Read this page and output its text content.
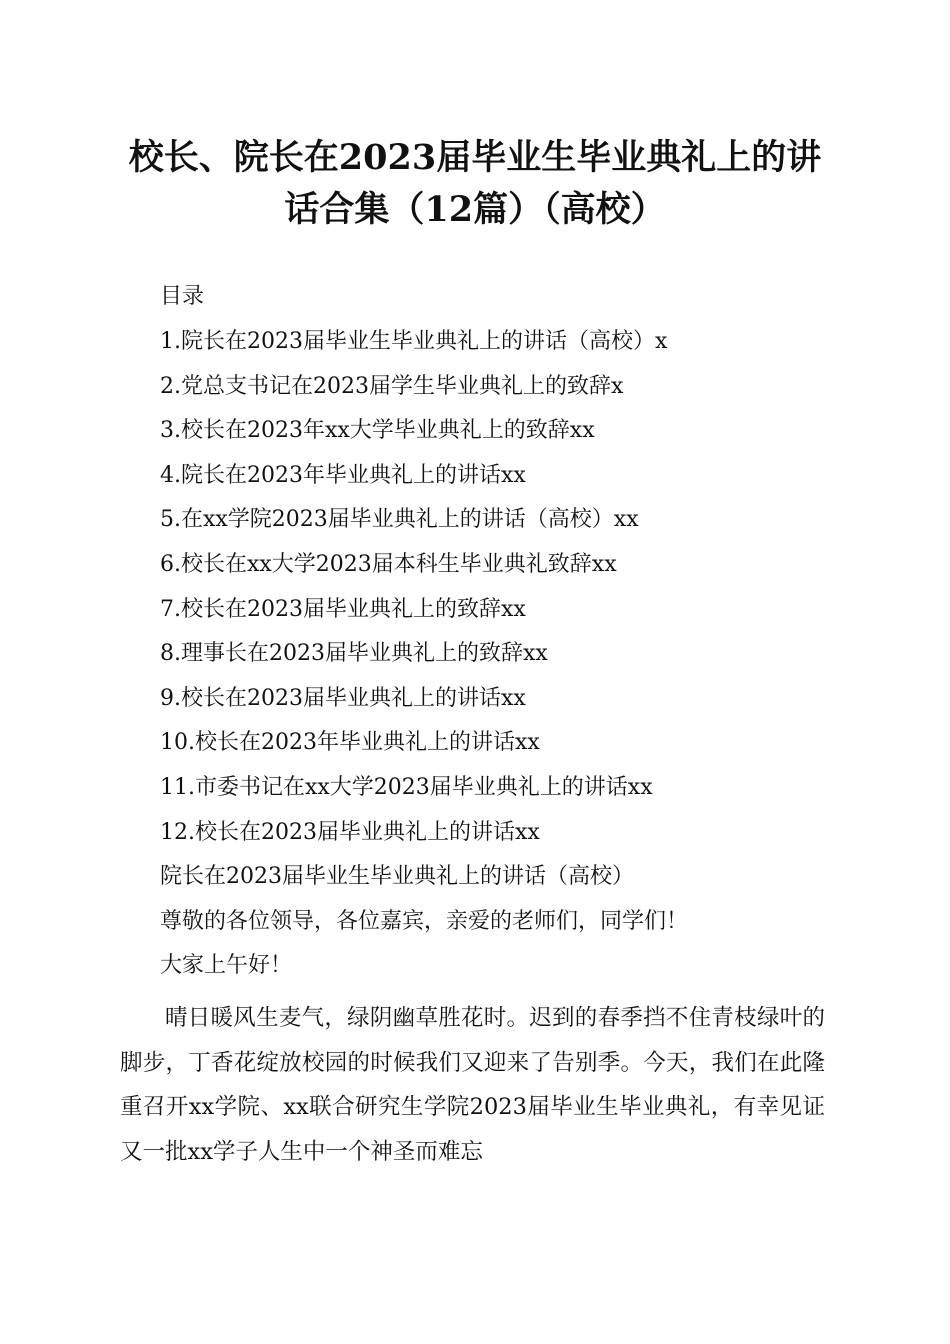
校长、院长在2023届毕业生毕业典礼上的讲
话合集（12篇）（高校）

目录

1.院长在2023届毕业生毕业典礼上的讲话（高校）x
2.党总支书记在2023届学生毕业典礼上的致辞x
3.校长在2023年xx大学毕业典礼上的致辞xx
4.院长在2023年毕业典礼上的讲话xx
5.在xx学院2023届毕业典礼上的讲话（高校）xx
6.校长在xx大学2023届本科生毕业典礼致辞xx
7.校长在2023届毕业典礼上的致辞xx
8.理事长在2023届毕业典礼上的致辞xx
9.校长在2023届毕业典礼上的讲话xx
10.校长在2023年毕业典礼上的讲话xx
11.市委书记在xx大学2023届毕业典礼上的讲话xx
12.校长在2023届毕业典礼上的讲话xx

院长在2023届毕业生毕业典礼上的讲话（高校）

尊敬的各位领导，各位嘉宾，亲爱的老师们，同学们！

大家上午好！

晴日暖风生麦气，绿阴幽草胜花时。迟到的春季挡不住青枝绿叶的脚步，丁香花绽放校园的时候我们又迎来了告别季。今天，我们在此隆重召开xx学院、xx联合研究生学院2023届毕业生毕业典礼，有幸见证又一批xx学子人生中一个神圣而难忘
